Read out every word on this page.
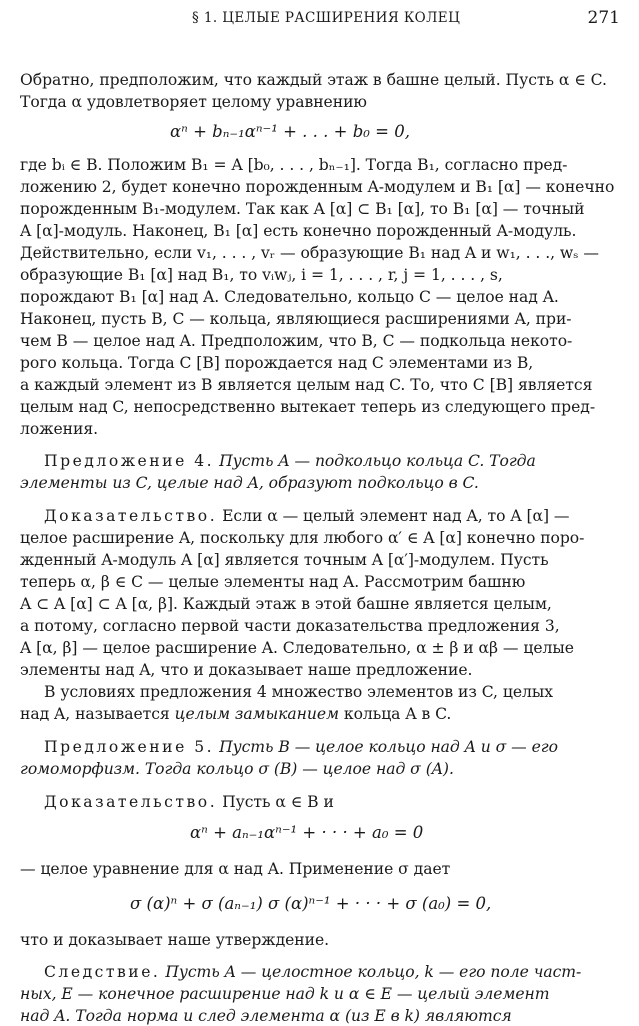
§ 1. ЦЕЛЫЕ РАСШИРЕНИЯ КОЛЕЦ	271
Обратно, предположим, что каждый этаж в башне целый. Пусть α ∈ C.
Тогда α удовлетворяет целому уравнению
αⁿ + bₙ₋₁αⁿ⁻¹ + . . . + b₀ = 0,
где bᵢ ∈ B. Положим B₁ = A [b₀, . . . , bₙ₋₁]. Тогда B₁, согласно пред-
ложению 2, будет конечно порожденным A-модулем и B₁ [α] — конечно
порожденным B₁-модулем. Так как A [α] ⊂ B₁ [α], то B₁ [α] — точный
A [α]-модуль. Наконец, B₁ [α] есть конечно порожденный A-модуль.
Действительно, если v₁, . . . , vᵣ — образующие B₁ над A и w₁, . . ., wₛ —
образующие B₁ [α] над B₁, то vᵢwⱼ, i = 1, . . . , r, j = 1, . . . , s,
порождают B₁ [α] над A. Следовательно, кольцо C — целое над A.
Наконец, пусть B, C — кольца, являющиеся расширениями A, при-
чем B — целое над A. Предположим, что B, C — подкольца некото-
рого кольца. Тогда C [B] порождается над C элементами из B,
а каждый элемент из B является целым над C. То, что C [B] является
целым над C, непосредственно вытекает теперь из следующего пред-
ложения.
Предложение 4. Пусть A — подкольцо кольца C. Тогда
элементы из C, целые над A, образуют подкольцо в C.
Доказательство. Если α — целый элемент над A, то A [α] —
целое расширение A, поскольку для любого α′ ∈ A [α] конечно поро-
жденный A-модуль A [α] является точным A [α′]-модулем. Пусть
теперь α, β ∈ C — целые элементы над A. Рассмотрим башню
A ⊂ A [α] ⊂ A [α, β]. Каждый этаж в этой башне является целым,
а потому, согласно первой части доказательства предложения 3,
A [α, β] — целое расширение A. Следовательно, α ± β и αβ — целые
элементы над A, что и доказывает наше предложение.
В условиях предложения 4 множество элементов из C, целых
над A, называется целым замыканием кольца A в C.
Предложение 5. Пусть B — целое кольцо над A и σ — его
гомоморфизм. Тогда кольцо σ (B) — целое над σ (A).
Доказательство. Пусть α ∈ B и
αⁿ + aₙ₋₁αⁿ⁻¹ + · · · + a₀ = 0
— целое уравнение для α над A. Применение σ дает
σ (α)ⁿ + σ (aₙ₋₁) σ (α)ⁿ⁻¹ + · · · + σ (a₀) = 0,
что и доказывает наше утверждение.
Следствие. Пусть A — целостное кольцо, k — его поле част-
ных, E — конечное расширение над k и α ∈ E — целый элемент
над A. Тогда норма и след элемента α (из E в k) являются
